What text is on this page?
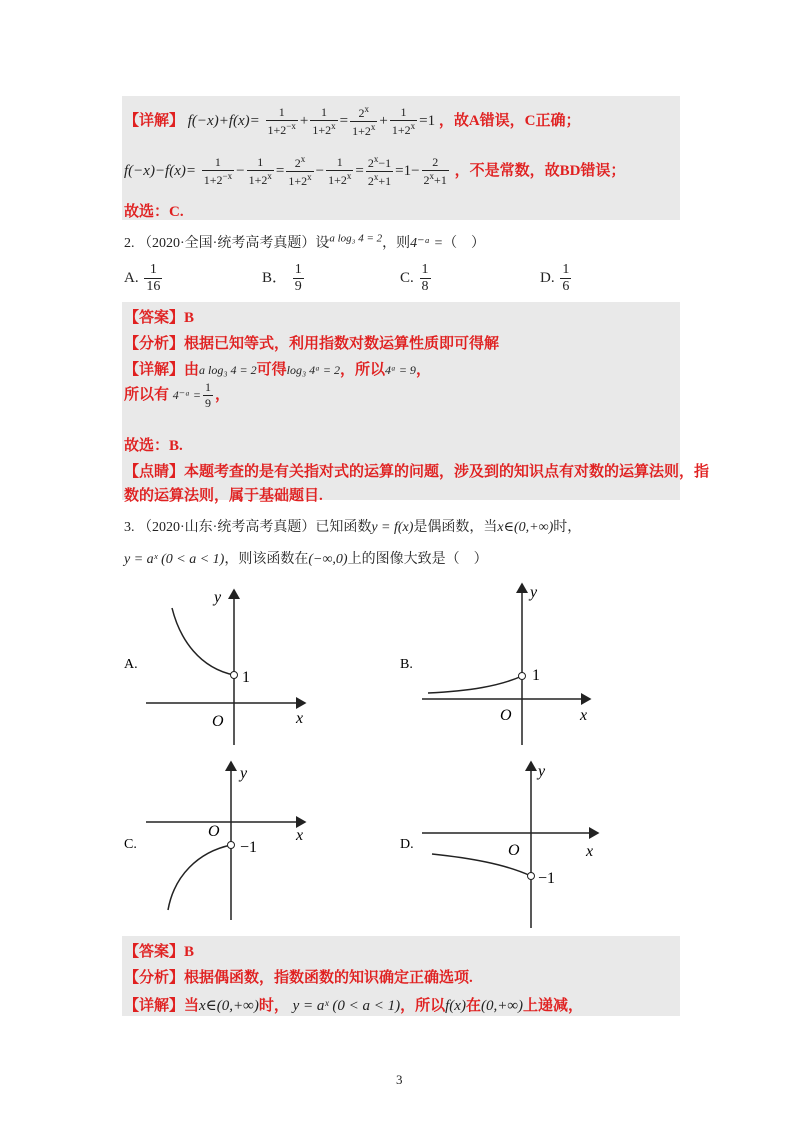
【详解】 $f(-x)+f(x)= \frac{1}{1+2^{-x}} + \frac{1}{1+2^x} = \frac{2^x}{1+2^x} + \frac{1}{1+2^x} =1$ ，故A错误，C正确；
$f(-x)-f(x)= \frac{1}{1+2^{-x}} - \frac{1}{1+2^x} = \frac{2^x}{1+2^x} - \frac{1}{1+2^x} = \frac{2^x-1}{2^x+1} =1- \frac{2}{2^x+1}$ ，不是常数，故BD错误；
故选：C.
2. （2020·全国·统考高考真题）设$^{a log_3 4 = 2}$，则4⁻ᵃ =（　）
A. $\frac{1}{16}$	B． $\frac{1}{9}$	C. $\frac{1}{8}$	D. $\frac{1}{6}$
【答案】B
【分析】根据已知等式，利用指数对数运算性质即可得解
【详解】由a log₃ 4 = 2可得log₃ 4ᵃ = 2，所以4ᵃ = 9，
所以有 4⁻ᵃ = $\frac{1}{9}$ ，
故选：B.
【点睛】本题考查的是有关指对式的运算的问题，涉及到的知识点有对数的运算法则，指
数的运算法则，属于基础题目.
3. （2020·山东·统考高考真题）已知函数y = f(x)是偶函数，当x∈(0,+∞)时，
y = aˣ (0 < a < 1)，则该函数在(−∞,0)上的图像大致是（　）
A.
1
O	x
y
B.
1
O	x
y
C.	−1
O	x
y
D.
−1
O	x
y
【答案】B
【分析】根据偶函数，指数函数的知识确定正确选项.
【详解】当x∈(0,+∞)时， y = aˣ (0 < a < 1)，所以f(x)在(0,+∞)上递减，
3
